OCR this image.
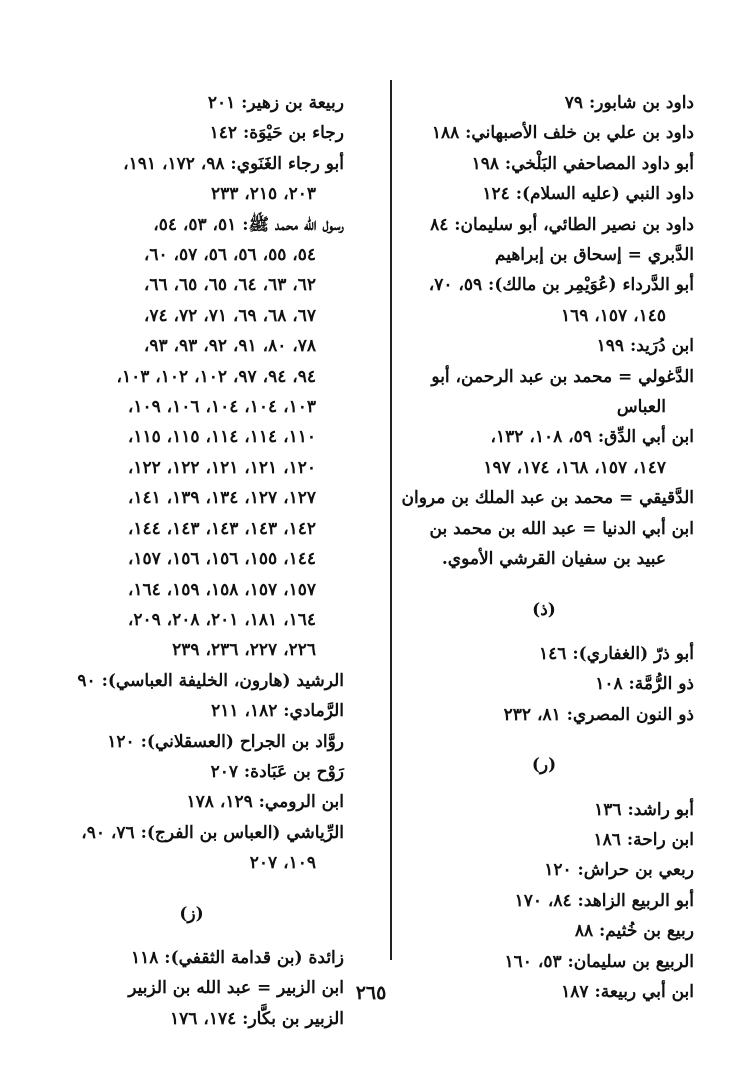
داود بن شابور: ٧٩
داود بن علي بن خلف الأصبهاني: ١٨٨
أبو داود المصاحفي البَلْخي: ١٩٨
داود النبي (عليه السلام): ١٢٤
داود بن نصير الطائي، أبو سليمان: ٨٤
الدَّبري = إسحاق بن إبراهيم
أبو الدَّرداء (عُوَيْمِر بن مالك): ٥٩، ٧٠،
١٤٥، ١٥٧، ١٦٩
ابن دُرَيد: ١٩٩
الدَّغولي = محمد بن عبد الرحمن، أبو
العباس
ابن أبي الدِّق: ٥٩، ١٠٨، ١٣٢،
١٤٧، ١٥٧، ١٦٨، ١٧٤، ١٩٧
الدَّقيقي = محمد بن عبد الملك بن مروان
ابن أبي الدنيا = عبد الله بن محمد بن
عبيد بن سفيان القرشي الأموي.
(ذ)
أبو ذرّ (الغفاري): ١٤٦
ذو الرُّمَّة: ١٠٨
ذو النون المصري: ٨١، ٢٣٢
(ر)
أبو راشد: ١٣٦
ابن راحة: ١٨٦
ربعي بن حراش: ١٢٠
أبو الربيع الزاهد: ٨٤، ١٧٠
ربيع بن خُثيم: ٨٨
الربيع بن سليمان: ٥٣، ١٦٠
ابن أبي ربيعة: ١٨٧
ربيعة بن زهير: ٢٠١
رجاء بن حَيْوَة: ١٤٢
أبو رجاء الغَنَوي: ٩٨، ١٧٢، ١٩١،
٢٠٣، ٢١٥، ٢٣٣
رسول الله محمد ﷺ: ٥١، ٥٣، ٥٤،
٥٤، ٥٥، ٥٦، ٥٦، ٥٧، ٦٠،
٦٢، ٦٣، ٦٤، ٦٥، ٦٥، ٦٦،
٦٧، ٦٨، ٦٩، ٧١، ٧٢، ٧٤،
٧٨، ٨٠، ٩١، ٩٢، ٩٣، ٩٣،
٩٤، ٩٤، ٩٧، ١٠٢، ١٠٢، ١٠٣،
١٠٣، ١٠٤، ١٠٤، ١٠٦، ١٠٩،
١١٠، ١١٤، ١١٤، ١١٥، ١١٥،
١٢٠، ١٢١، ١٢١، ١٢٢، ١٢٢،
١٢٧، ١٢٧، ١٣٤، ١٣٩، ١٤١،
١٤٢، ١٤٣، ١٤٣، ١٤٣، ١٤٤،
١٤٤، ١٥٥، ١٥٦، ١٥٦، ١٥٧،
١٥٧، ١٥٧، ١٥٨، ١٥٩، ١٦٤،
١٦٤، ١٨١، ٢٠١، ٢٠٨، ٢٠٩،
٢٢٦، ٢٢٧، ٢٣٦، ٢٣٩
الرشيد (هارون، الخليفة العباسي): ٩٠
الرَّمادي: ١٨٢، ٢١١
روَّاد بن الجراح (العسقلاني): ١٢٠
رَوْح بن عَبَادة: ٢٠٧
ابن الرومي: ١٢٩، ١٧٨
الرِّياشي (العباس بن الفرج): ٧٦، ٩٠،
١٠٩، ٢٠٧
(ز)
زائدة (بن قدامة الثقفي): ١١٨
ابن الزبير = عبد الله بن الزبير
الزبير بن بكَّار: ١٧٤، ١٧٦
٢٦٥
